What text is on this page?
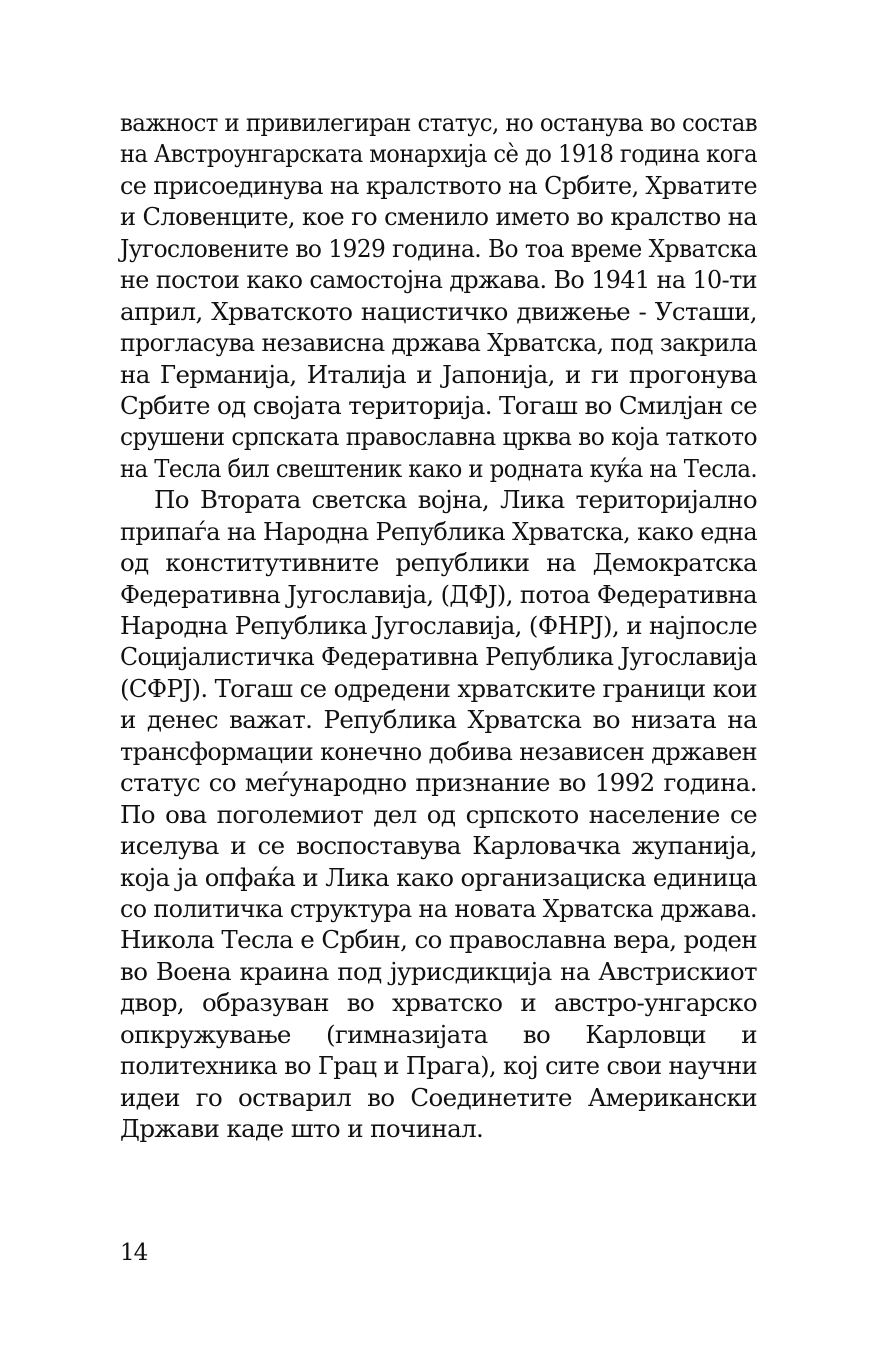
важност и привилегиран статус, но останува во состав
на Австроунгарската монархија сè до 1918 година кога
се присоединува на кралството на Србите, Хрватите
и Словенците, кое го сменило името во кралство на
Југословените во 1929 година. Во тоа време Хрватска
не постои како самостојна држава. Во 1941 на 10-ти
април, Хрватското нацистичко движење - Усташи,
прогласува независна држава Хрватска, под закрила
на Германија, Италија и Јапонија, и ги прогонува
Србите од својата територија. Тогаш во Смилјан се
срушени српската православна црква во која таткото
на Тесла бил свештеник како и родната куќа на Тесла.
По Втората светска војна, Лика територијално
припаѓа на Народна Република Хрватска, како една
од конститутивните републики на Демократска
Федеративна Југославија, (ДФЈ), потоа Федеративна
Народна Република Југославија, (ФНРЈ), и најпосле
Социјалистичка Федеративна Република Југославија
(СФРЈ). Тогаш се одредени хрватските граници кои
и денес важат. Република Хрватска во низата на
трансформации конечно добива независен државен
статус со меѓународно признание во 1992 година.
По ова поголемиот дел од српското население се
иселува и се воспоставува Карловачка жупанија,
која ја опфаќа и Лика како организациска единица
со политичка структура на новата Хрватска држава.
Никола Тесла е Србин, со православна вера, роден
во Воена краина под јурисдикција на Австрискиот
двор, образуван во хрватско и австро-унгарско
опкружување (гимназијата во Карловци и
политехника во Грац и Прага), кој сите свои научни
идеи го остварил во Соединетите Американски
Држави каде што и починал.
14
